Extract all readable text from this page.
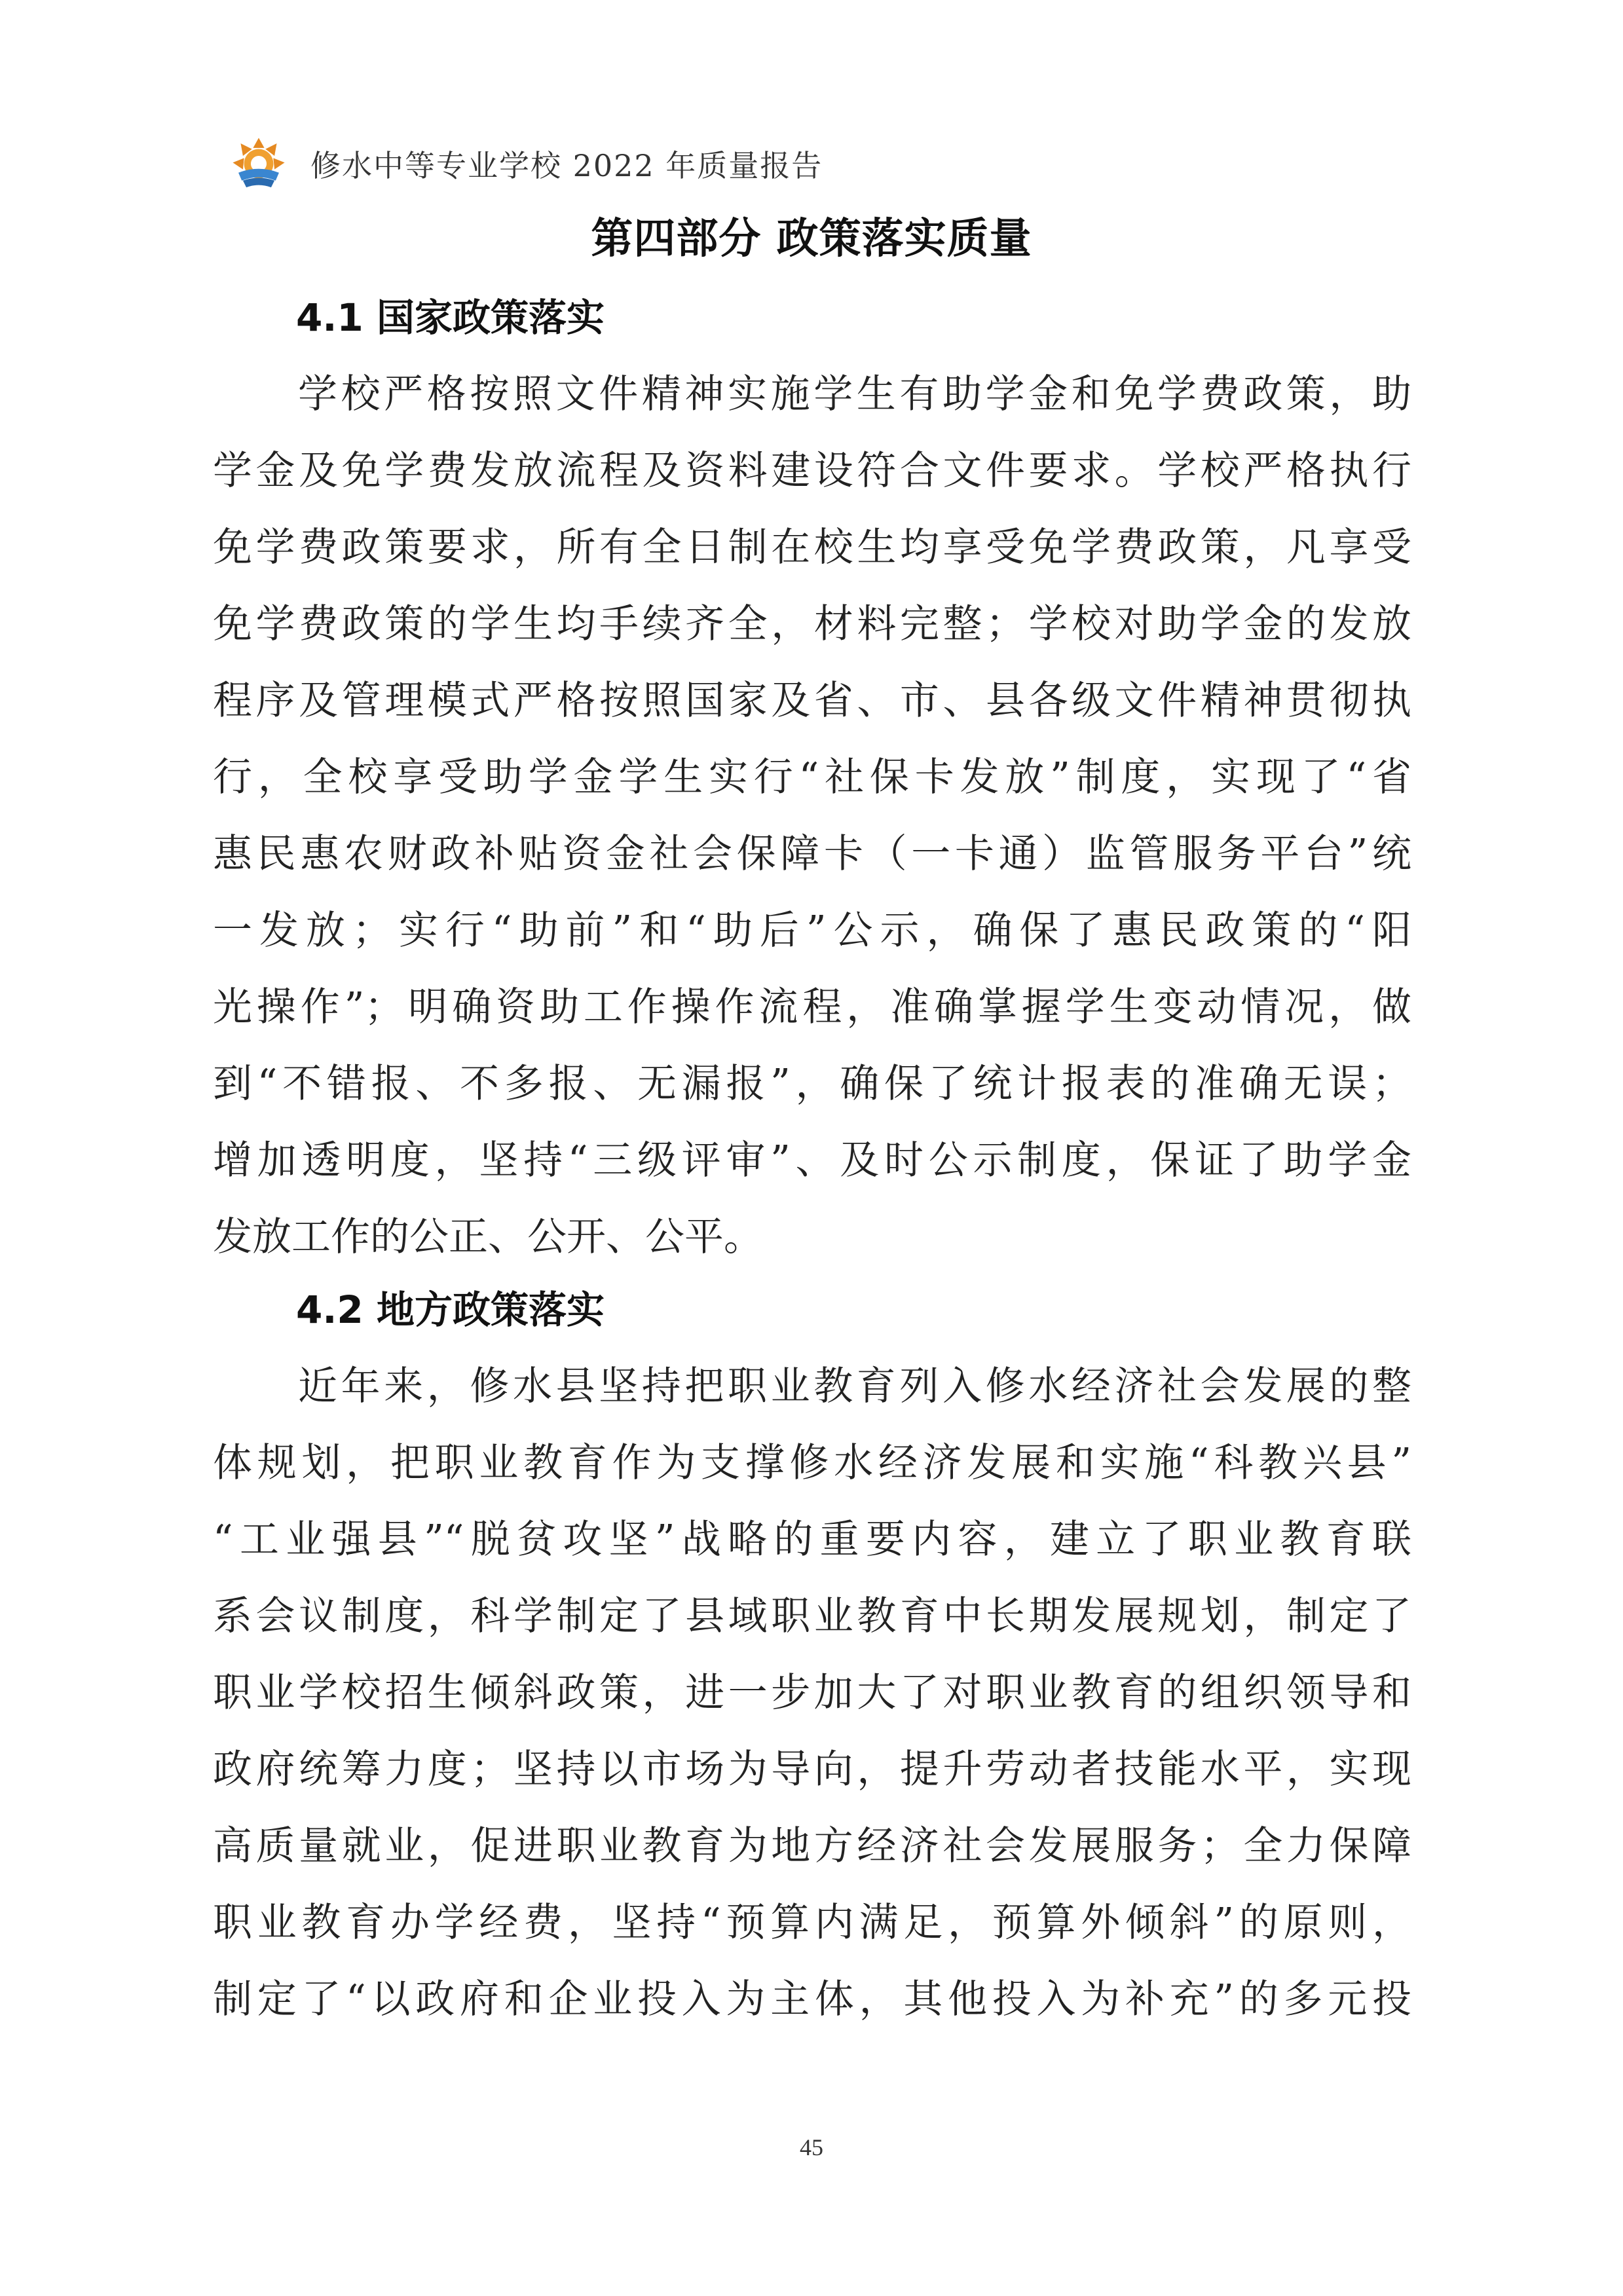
修水中等专业学校 2022 年质量报告
第四部分 政策落实质量
4.1 国家政策落实
学校严格按照文件精神实施学生有助学金和免学费政策，助
学金及免学费发放流程及资料建设符合文件要求。学校严格执行
免学费政策要求，所有全日制在校生均享受免学费政策，凡享受
免学费政策的学生均手续齐全，材料完整；学校对助学金的发放
程序及管理模式严格按照国家及省、市、县各级文件精神贯彻执
行，全校享受助学金学生实行“社保卡发放”制度，实现了“省
惠民惠农财政补贴资金社会保障卡（一卡通）监管服务平台”统
一发放；实行“助前”和“助后”公示，确保了惠民政策的“阳
光操作”；明确资助工作操作流程，准确掌握学生变动情况，做
到“不错报、不多报、无漏报”，确保了统计报表的准确无误；
增加透明度，坚持“三级评审”、及时公示制度，保证了助学金
发放工作的公正、公开、公平。
4.2 地方政策落实
近年来，修水县坚持把职业教育列入修水经济社会发展的整
体规划，把职业教育作为支撑修水经济发展和实施“科教兴县”
“工业强县”“脱贫攻坚”战略的重要内容，建立了职业教育联
系会议制度，科学制定了县域职业教育中长期发展规划，制定了
职业学校招生倾斜政策，进一步加大了对职业教育的组织领导和
政府统筹力度；坚持以市场为导向，提升劳动者技能水平，实现
高质量就业，促进职业教育为地方经济社会发展服务；全力保障
职业教育办学经费，坚持“预算内满足，预算外倾斜”的原则，
制定了“以政府和企业投入为主体，其他投入为补充”的多元投
45
